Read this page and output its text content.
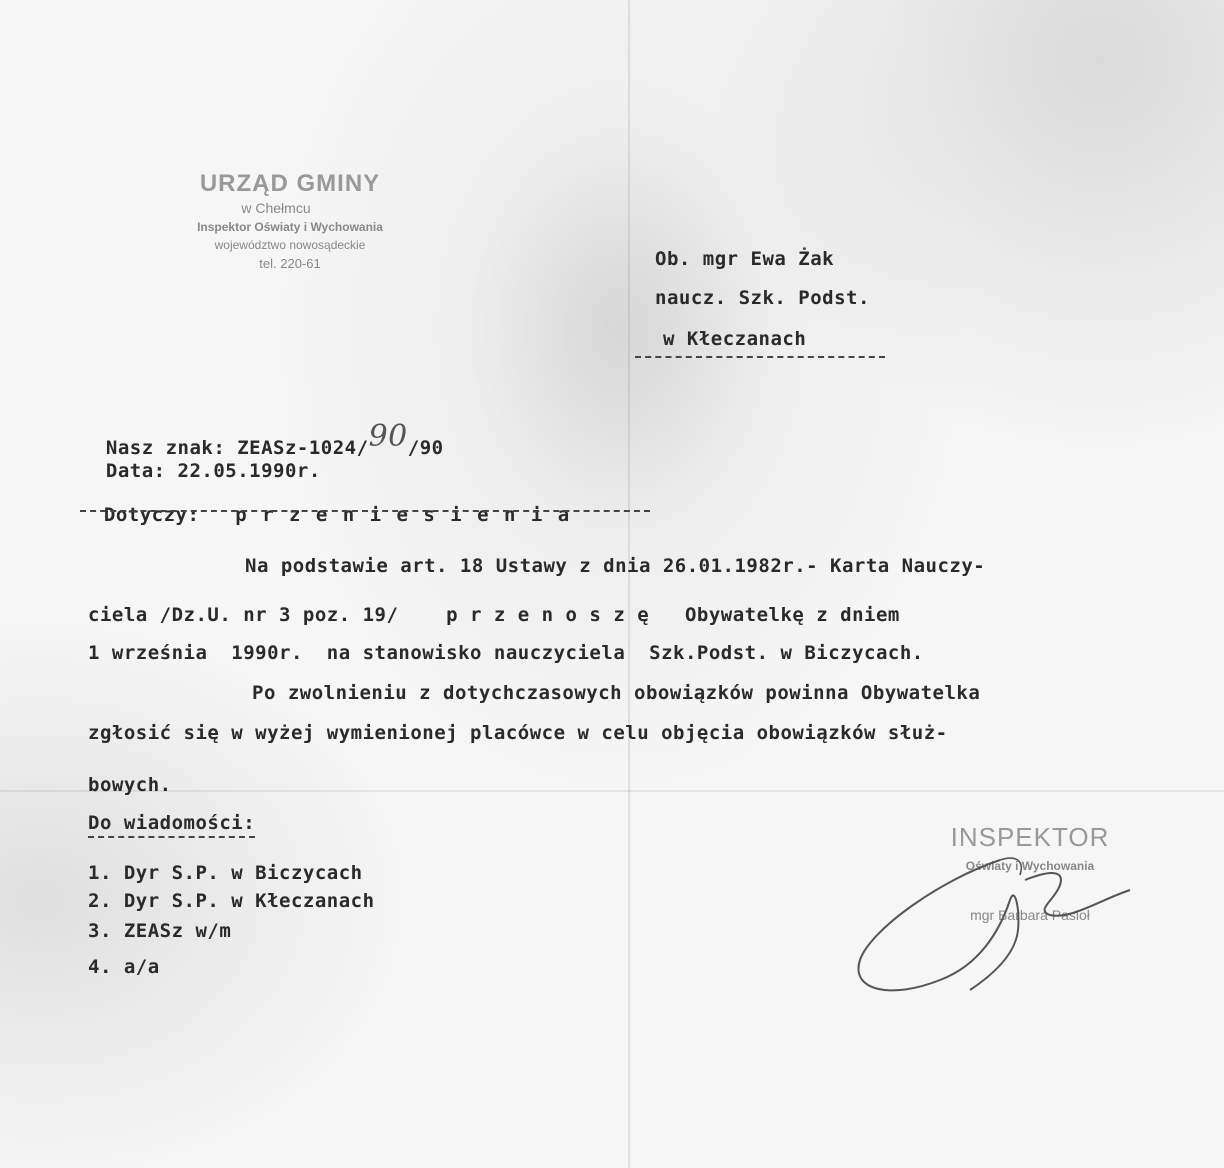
URZĄD GMINY
w Chełmcu
Inspektor Oświaty i Wychowania
województwo nowosądeckie
tel. 220-61	Ob. mgr Ewa Żak
naucz. Szk. Podst.
w Kłeczanach

Nasz znak: ZEASz-1024/90/90

Data: 22.05.1990r.

Dotyczy: p r z e n i e s i e n i a

Na podstawie art. 18 Ustawy z dnia 26.01.1982r.- Karta Nauczy-
ciela /Dz.U. nr 3 poz. 19/    p r z e n o s z ę   Obywatelkę z dniem
1 września  1990r.  na stanowisko nauczyciela  Szk.Podst. w Biczycach.
Po zwolnieniu z dotychczasowych obowiązków powinna Obywatelka
zgłosić się w wyżej wymienionej placówce w celu objęcia obowiązków służ-
bowych.
Do wiadomości:
1. Dyr S.P. w Biczycach
2. Dyr S.P. w Kłeczanach
3. ZEASz w/m
4. a/a
INSPEKTOR
Oświaty i Wychowania
mgr Barbara Pasioł
